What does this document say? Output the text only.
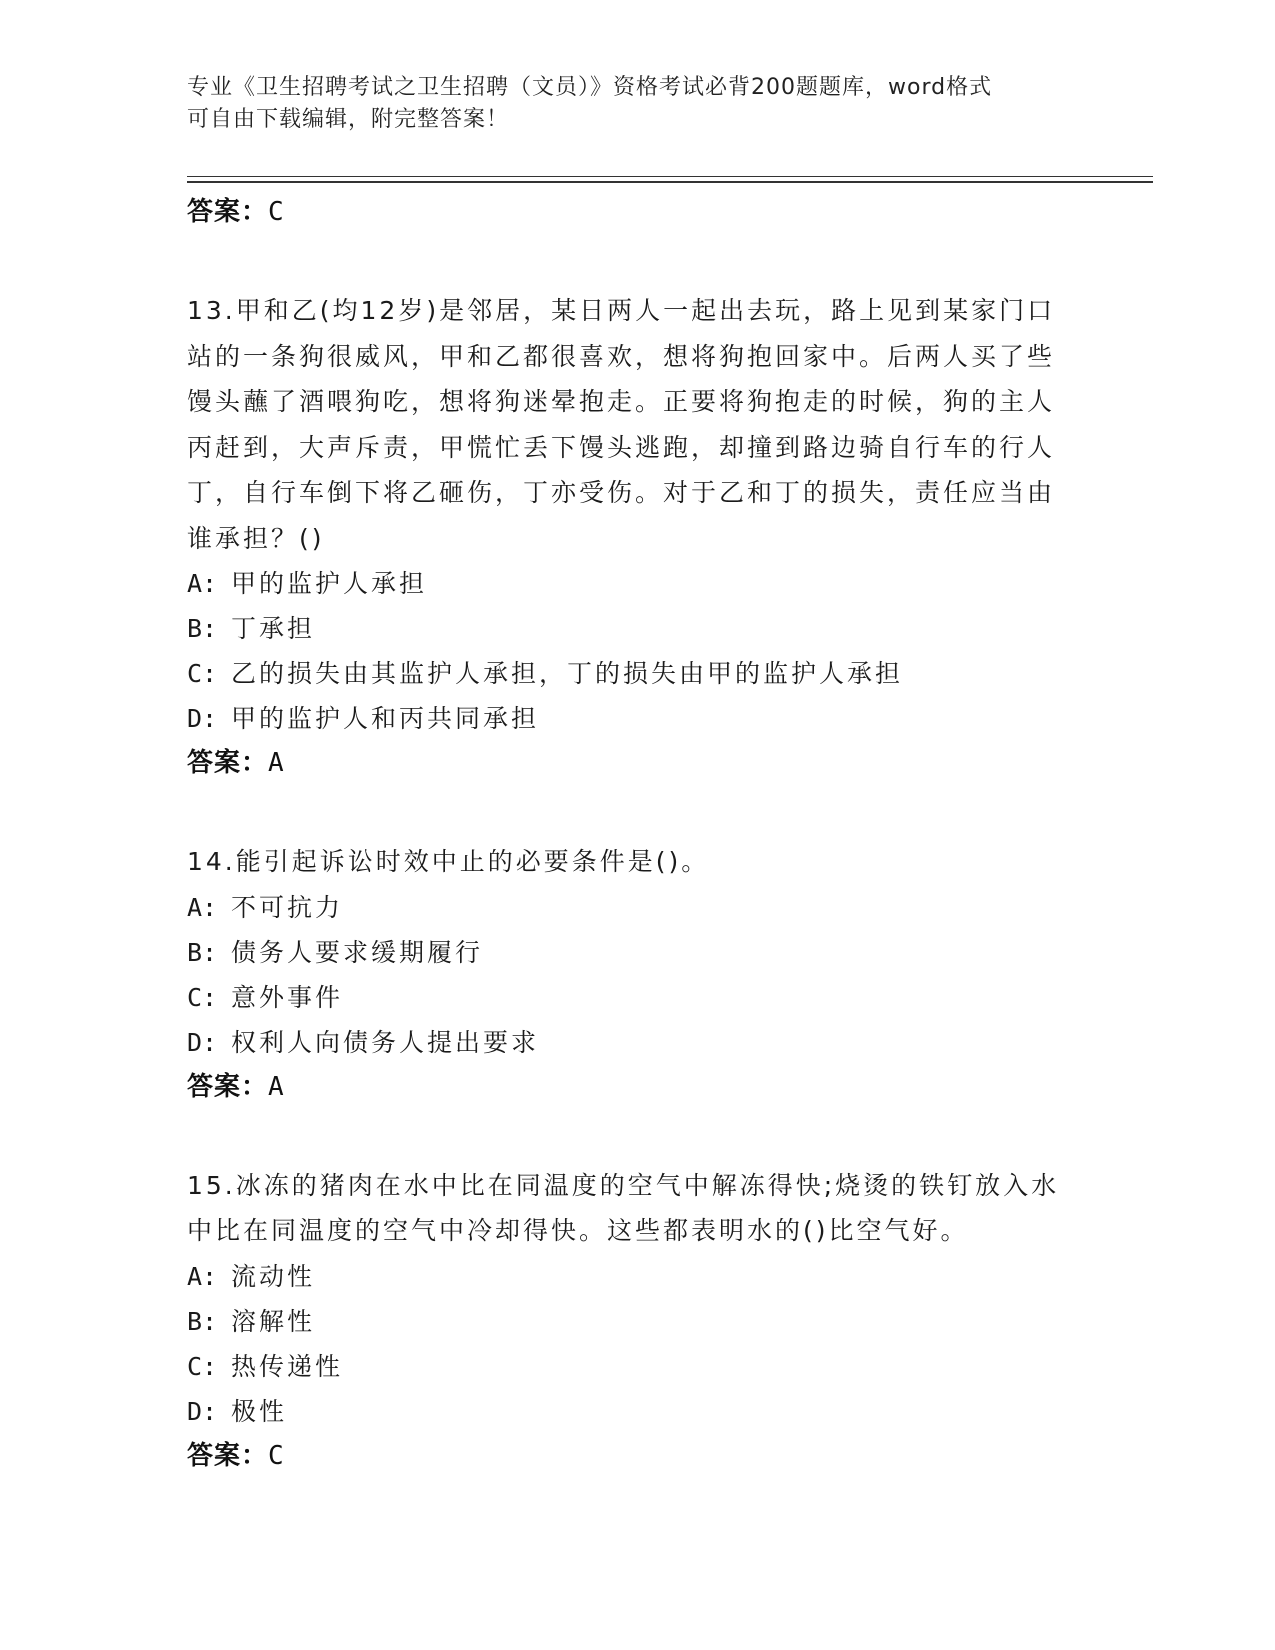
专业《卫生招聘考试之卫生招聘（文员）》资格考试必背200题题库，word格式
可自由下载编辑，附完整答案！
答案：C

13.甲和乙(均12岁)是邻居，某日两人一起出去玩，路上见到某家门口站的一条狗很威风，甲和乙都很喜欢，想将狗抱回家中。后两人买了些馒头蘸了酒喂狗吃，想将狗迷晕抱走。正要将狗抱走的时候，狗的主人丙赶到，大声斥责，甲慌忙丢下馒头逃跑，却撞到路边骑自行车的行人丁，自行车倒下将乙砸伤，丁亦受伤。对于乙和丁的损失，责任应当由谁承担？()

A: 甲的监护人承担
B: 丁承担
C: 乙的损失由其监护人承担，丁的损失由甲的监护人承担
D: 甲的监护人和丙共同承担
答案：A

14.能引起诉讼时效中止的必要条件是()。

A: 不可抗力
B: 债务人要求缓期履行
C: 意外事件
D: 权利人向债务人提出要求
答案：A

15.冰冻的猪肉在水中比在同温度的空气中解冻得快;烧烫的铁钉放入水中比在同温度的空气中冷却得快。这些都表明水的()比空气好。

A: 流动性
B: 溶解性
C: 热传递性
D: 极性
答案：C
